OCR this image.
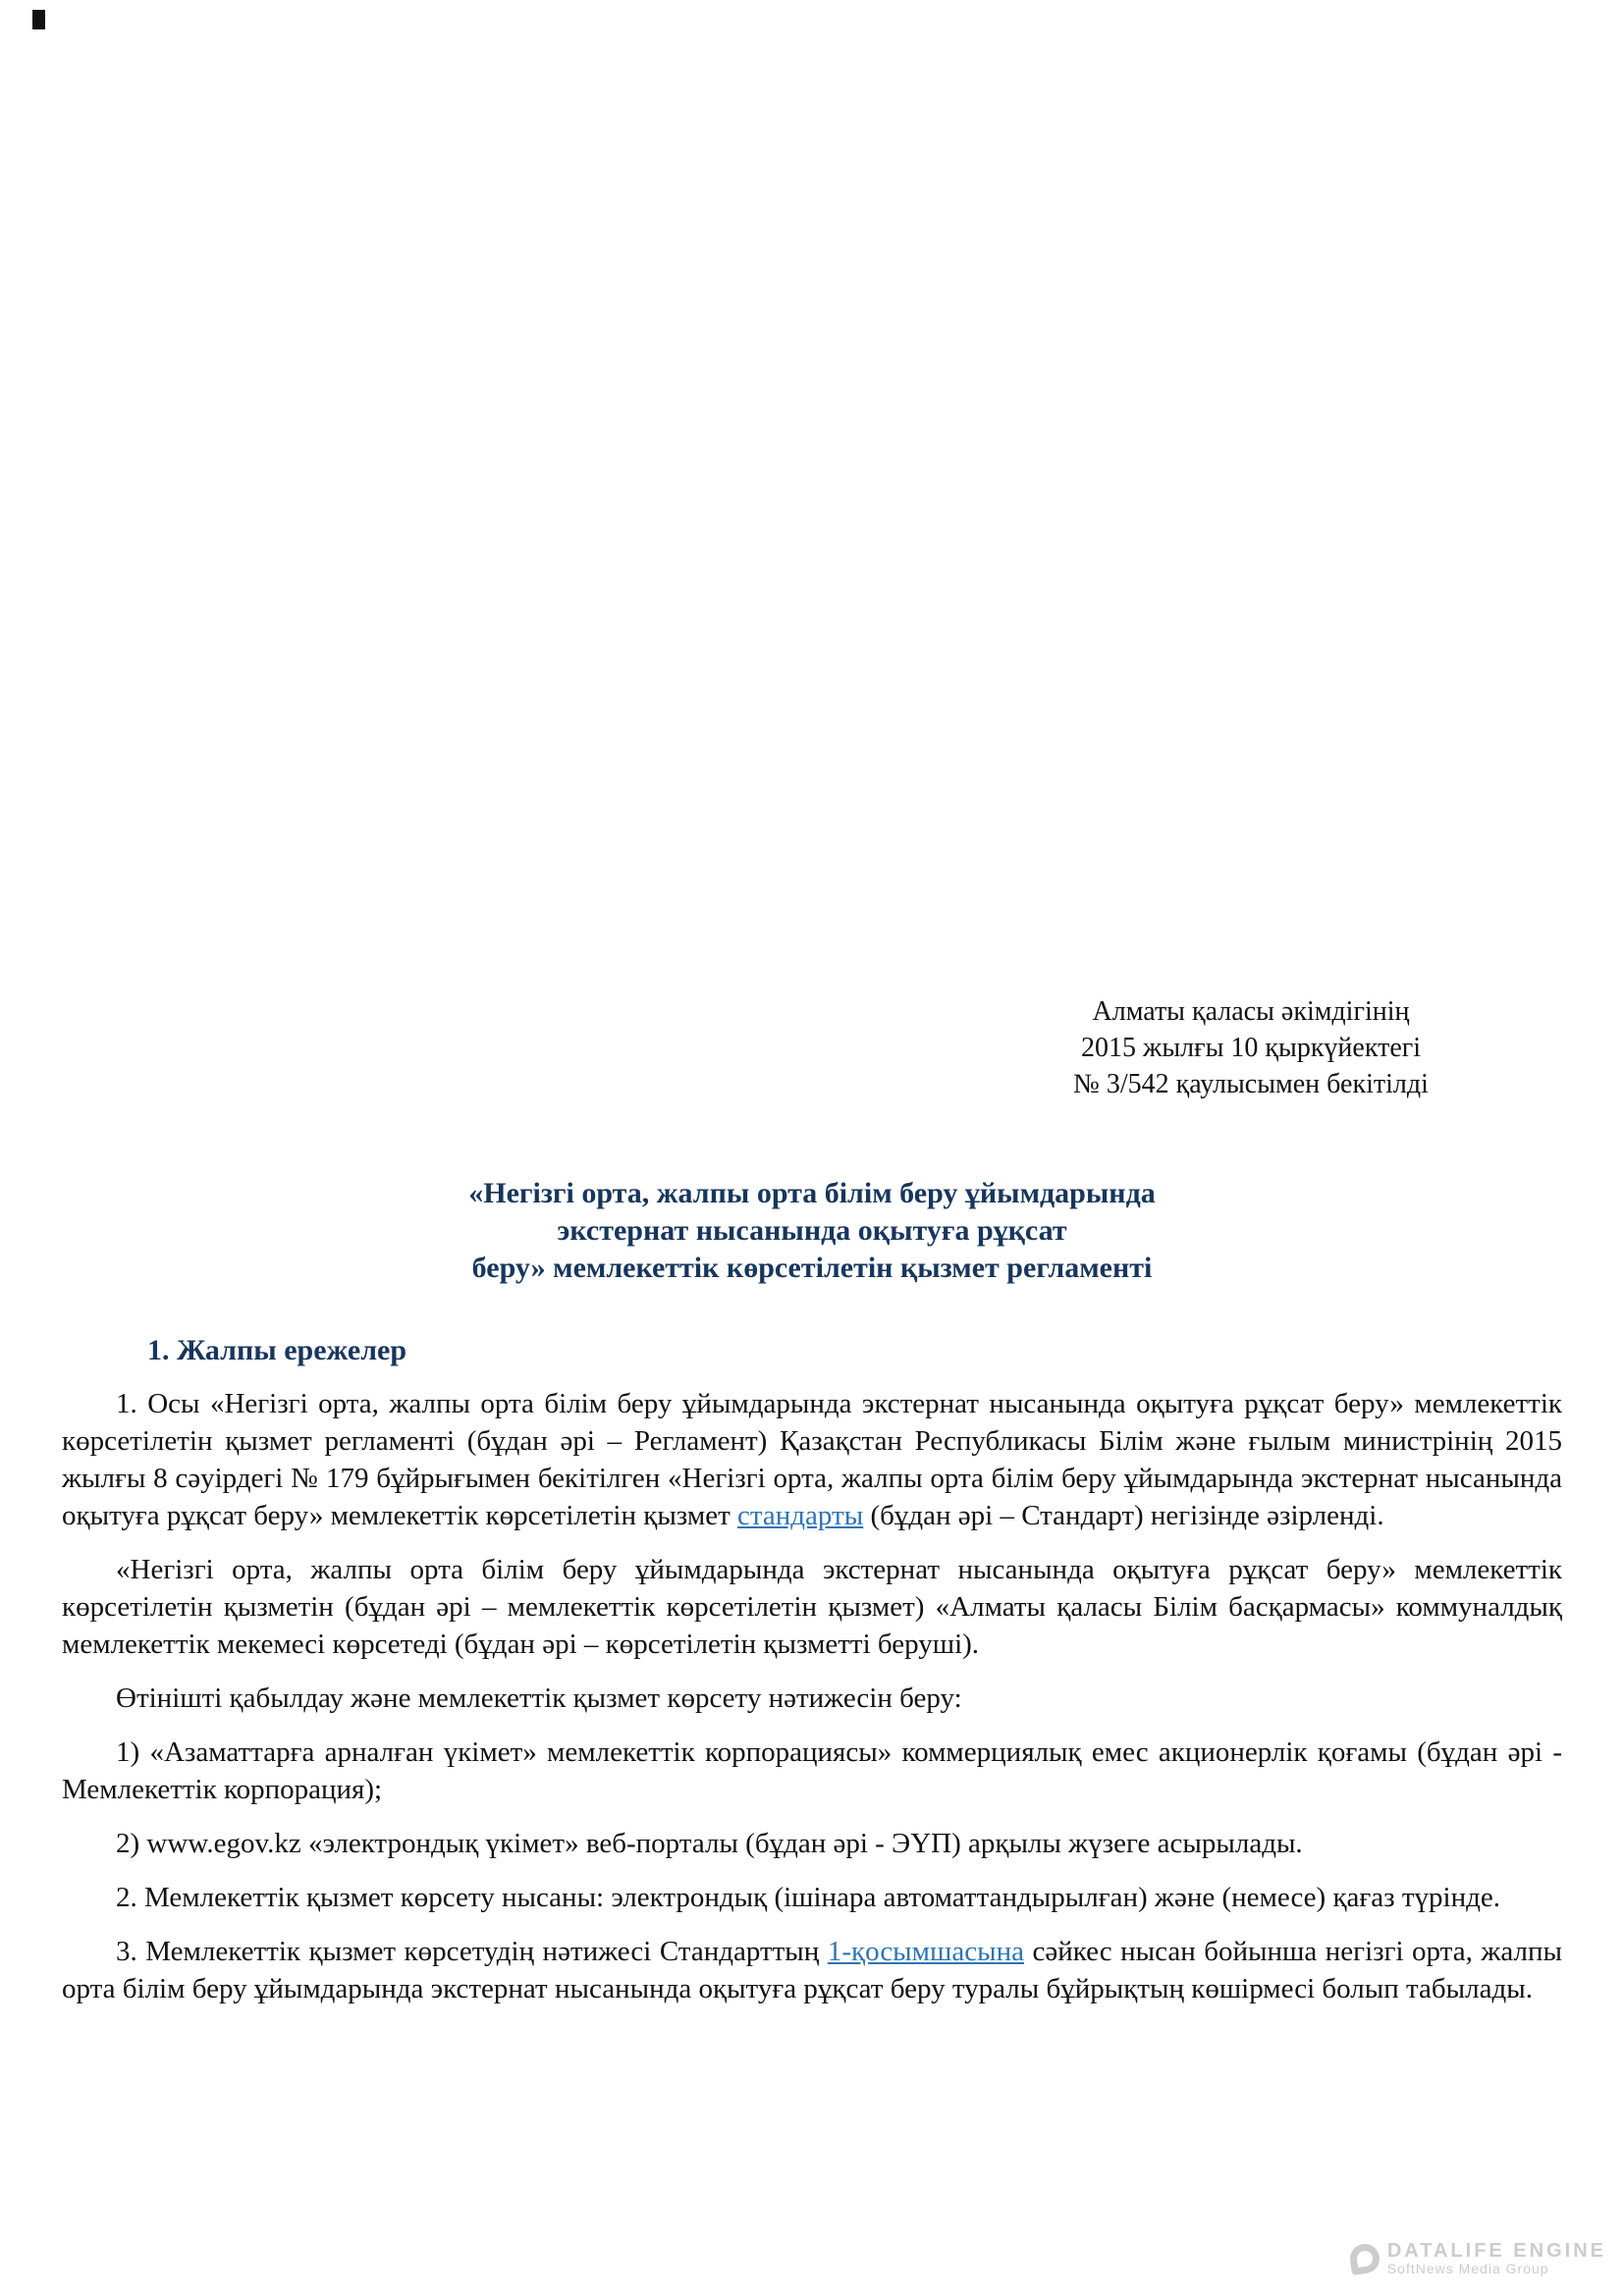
Алматы қаласы әкімдігінің
2015 жылғы 10 қыркүйектегі
№ 3/542 қаулысымен бекітілді
«Негізгі орта, жалпы орта білім беру ұйымдарында
экстернат нысанында оқытуға рұқсат
беру» мемлекеттік көрсетілетін қызмет регламенті
1. Жалпы ережелер

1. Осы «Негізгі орта, жалпы орта білім беру ұйымдарында экстернат нысанында оқытуға рұқсат беру» мемлекеттік көрсетілетін қызмет регламенті (бұдан әрі – Регламент) Қазақстан Республикасы Білім және ғылым министрінің 2015 жылғы 8 сәуірдегі № 179 бұйрығымен бекітілген «Негізгі орта, жалпы орта білім беру ұйымдарында экстернат нысанында оқытуға рұқсат беру» мемлекеттік көрсетілетін қызмет стандарты (бұдан әрі – Стандарт) негізінде әзірленді.

«Негізгі орта, жалпы орта білім беру ұйымдарында экстернат нысанында оқытуға рұқсат беру» мемлекеттік көрсетілетін қызметін (бұдан әрі – мемлекеттік көрсетілетін қызмет) «Алматы қаласы Білім басқармасы» коммуналдық мемлекеттік мекемесі көрсетеді (бұдан әрі – көрсетілетін қызметті беруші).

Өтінішті қабылдау және мемлекеттік қызмет көрсету нәтижесін беру:

1) «Азаматтарға арналған үкімет» мемлекеттік корпорациясы» коммерциялық емес акционерлік қоғамы (бұдан әрі - Мемлекеттік корпорация);

2) www.egov.kz «электрондық үкімет» веб-порталы (бұдан әрі - ЭҮП) арқылы жүзеге асырылады.

2. Мемлекеттік қызмет көрсету нысаны: электрондық (ішінара автоматтандырылған) және (немесе) қағаз түрінде.

3. Мемлекеттік қызмет көрсетудің нәтижесі Стандарттың 1-қосымшасына сәйкес нысан бойынша негізгі орта, жалпы орта білім беру ұйымдарында экстернат нысанында оқытуға рұқсат беру туралы бұйрықтың көшірмесі болып табылады.

DATALIFE ENGINE
SoftNews Media Group
